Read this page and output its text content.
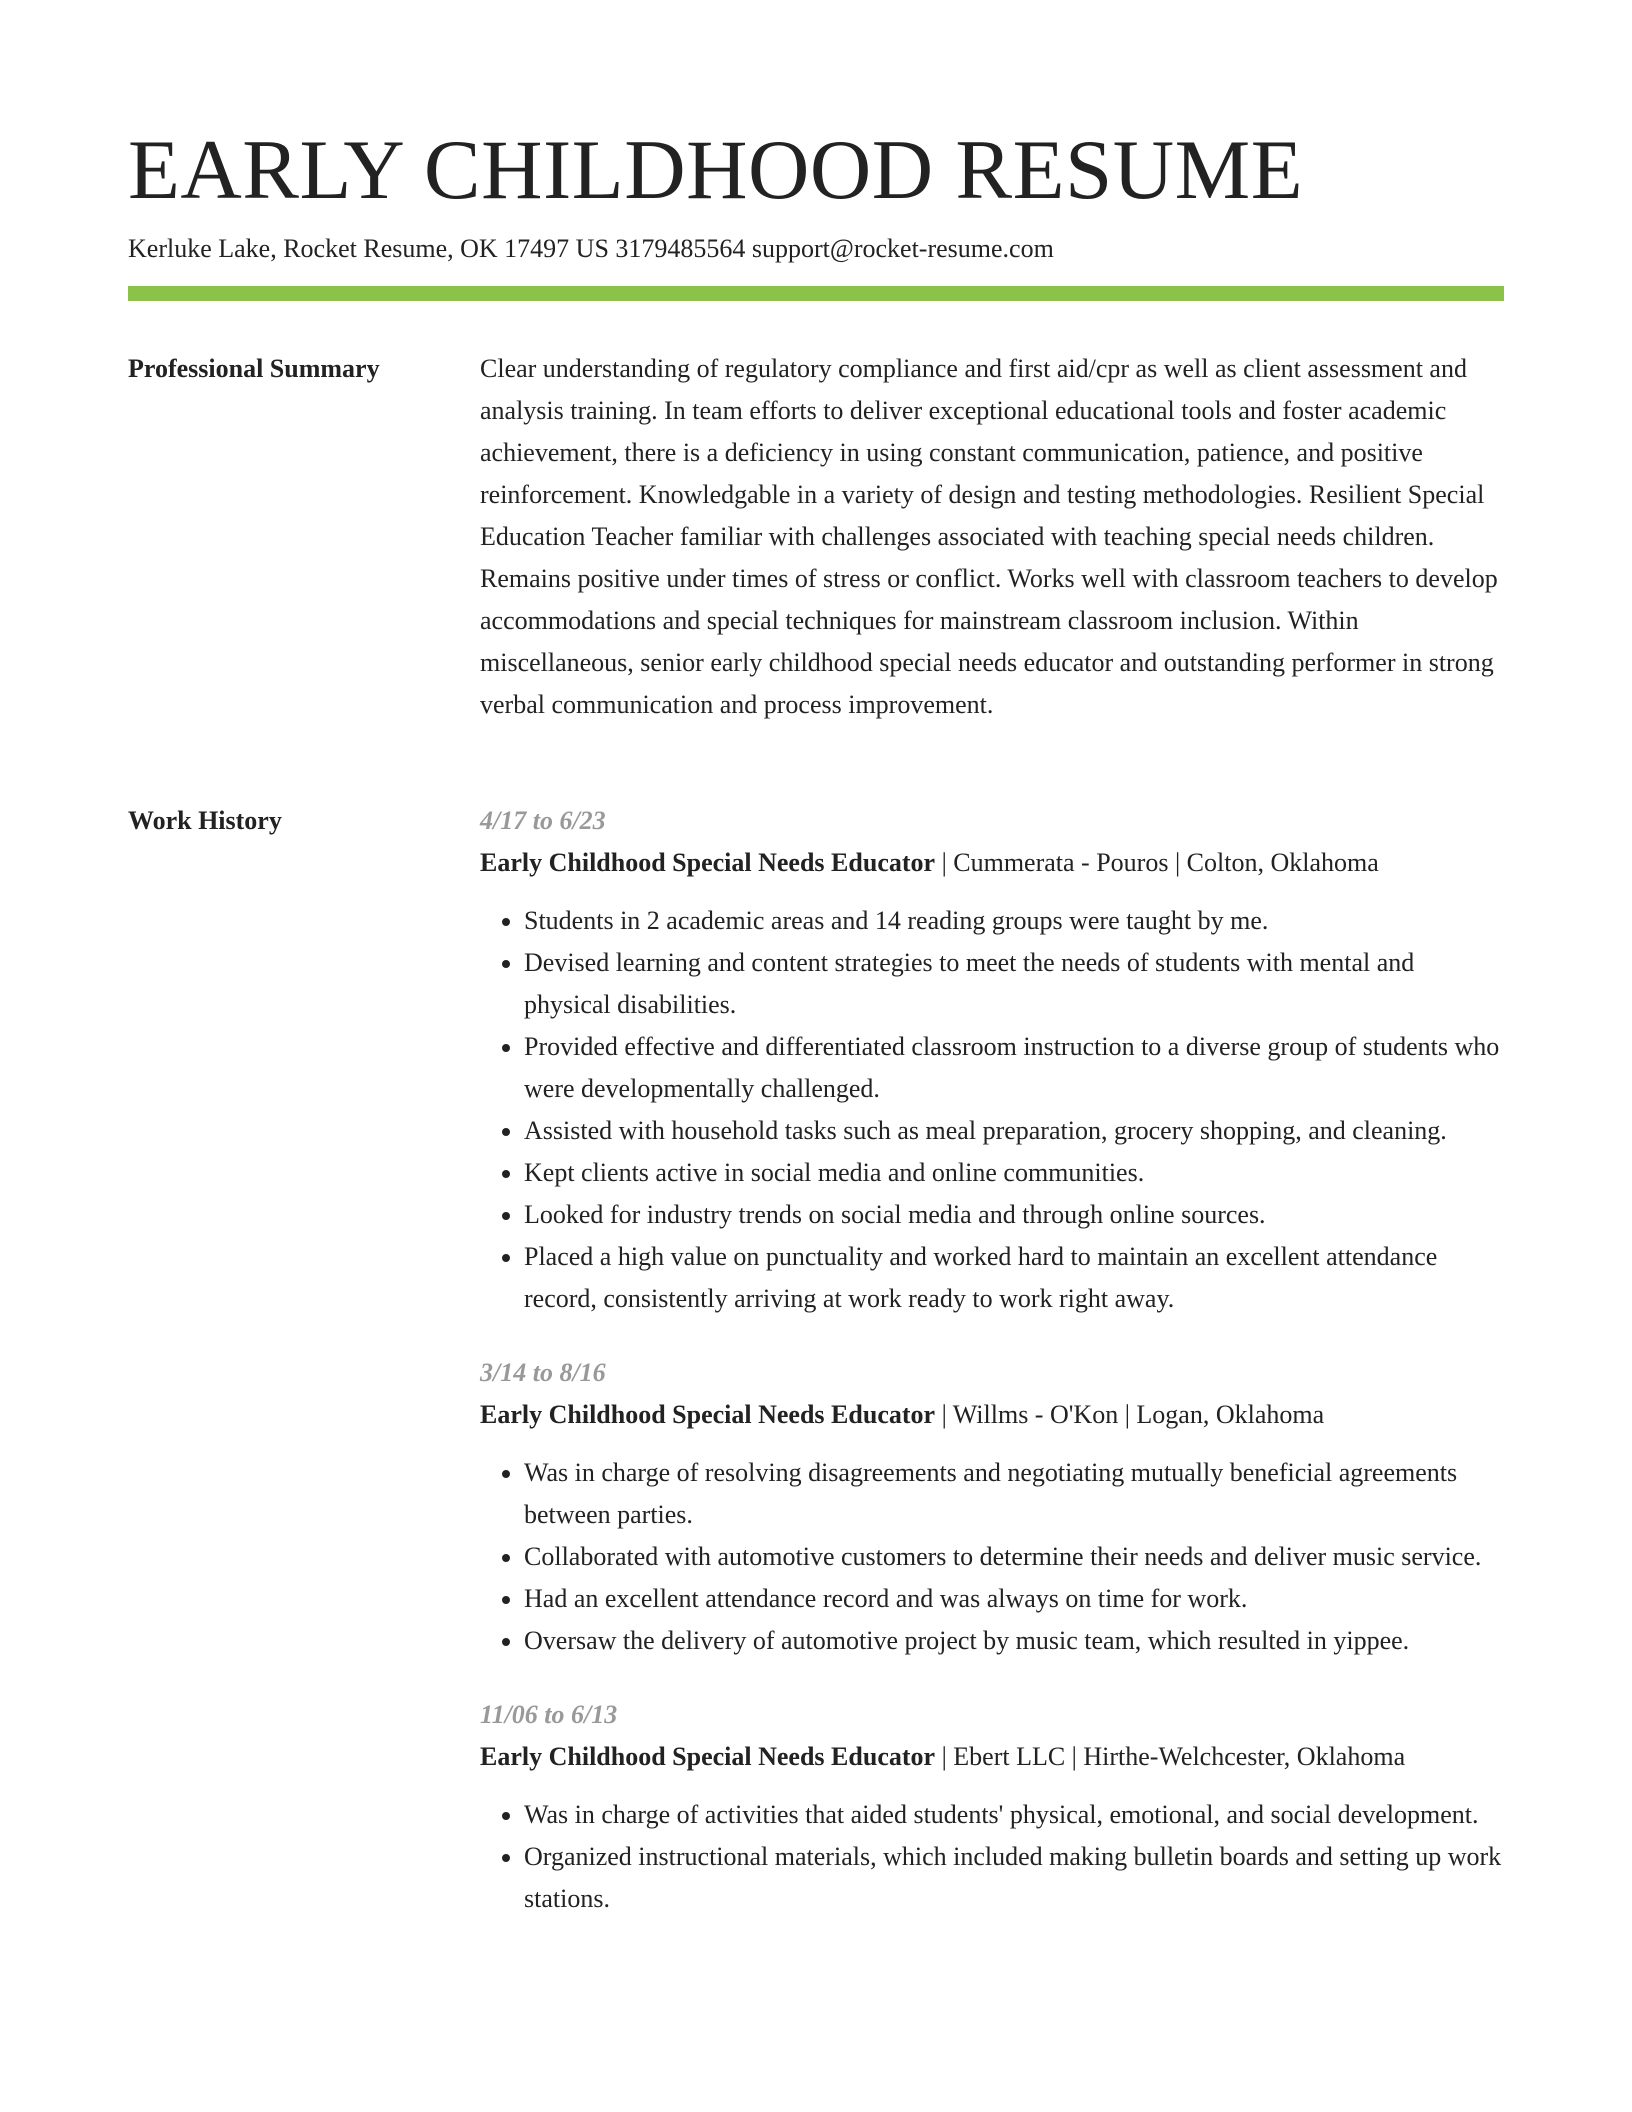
EARLY CHILDHOOD RESUME
Kerluke Lake, Rocket Resume, OK 17497 US 3179485564 support@rocket-resume.com
Professional Summary	Clear understanding of regulatory compliance and first aid/cpr as well as client assessment and analysis training. In team efforts to deliver exceptional educational tools and foster academic achievement, there is a deficiency in using constant communication, patience, and positive reinforcement. Knowledgable in a variety of design and testing methodologies. Resilient Special Education Teacher familiar with challenges associated with teaching special needs children. Remains positive under times of stress or conflict. Works well with classroom teachers to develop accommodations and special techniques for mainstream classroom inclusion. Within miscellaneous, senior early childhood special needs educator and outstanding performer in strong verbal communication and process improvement.

Work History	4/17 to 6/23
Early Childhood Special Needs Educator | Cummerata - Pouros | Colton, Oklahoma
• Students in 2 academic areas and 14 reading groups were taught by me.
• Devised learning and content strategies to meet the needs of students with mental and physical disabilities.
• Provided effective and differentiated classroom instruction to a diverse group of students who were developmentally challenged.
• Assisted with household tasks such as meal preparation, grocery shopping, and cleaning.
• Kept clients active in social media and online communities.
• Looked for industry trends on social media and through online sources.
• Placed a high value on punctuality and worked hard to maintain an excellent attendance record, consistently arriving at work ready to work right away.
3/14 to 8/16
Early Childhood Special Needs Educator | Willms - O'Kon | Logan, Oklahoma
• Was in charge of resolving disagreements and negotiating mutually beneficial agreements between parties.
• Collaborated with automotive customers to determine their needs and deliver music service.
• Had an excellent attendance record and was always on time for work.
• Oversaw the delivery of automotive project by music team, which resulted in yippee.
11/06 to 6/13
Early Childhood Special Needs Educator | Ebert LLC | Hirthe-Welchcester, Oklahoma
• Was in charge of activities that aided students' physical, emotional, and social development.
• Organized instructional materials, which included making bulletin boards and setting up work stations.
